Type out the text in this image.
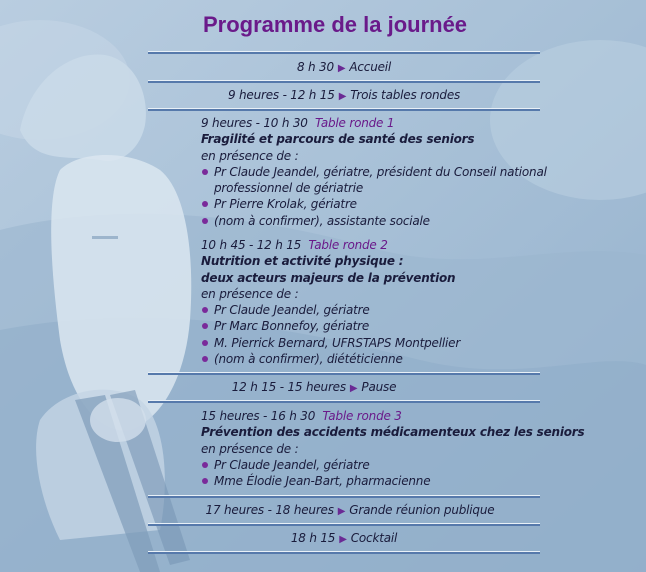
Programme de la journée
8 h 30 ▶ Accueil
9 heures - 12 h 15 ▶ Trois tables rondes
9 heures - 10 h 30 Table ronde 1
Fragilité et parcours de santé des seniors
en présence de :
Pr Claude Jeandel, gériatre, président du Conseil national
professionnel de gériatrie
Pr Pierre Krolak, gériatre
(nom à confirmer), assistante sociale
10 h 45 - 12 h 15 Table ronde 2
Nutrition et activité physique :
deux acteurs majeurs de la prévention
en présence de :
Pr Claude Jeandel, gériatre
Pr Marc Bonnefoy, gériatre
M. Pierrick Bernard, UFRSTAPS Montpellier
(nom à confirmer), diététicienne
12 h 15 - 15 heures ▶ Pause
15 heures - 16 h 30 Table ronde 3
Prévention des accidents médicamenteux chez les seniors
en présence de :
Pr Claude Jeandel, gériatre
Mme Élodie Jean-Bart, pharmacienne
17 heures - 18 heures ▶ Grande réunion publique
18 h 15 ▶ Cocktail
